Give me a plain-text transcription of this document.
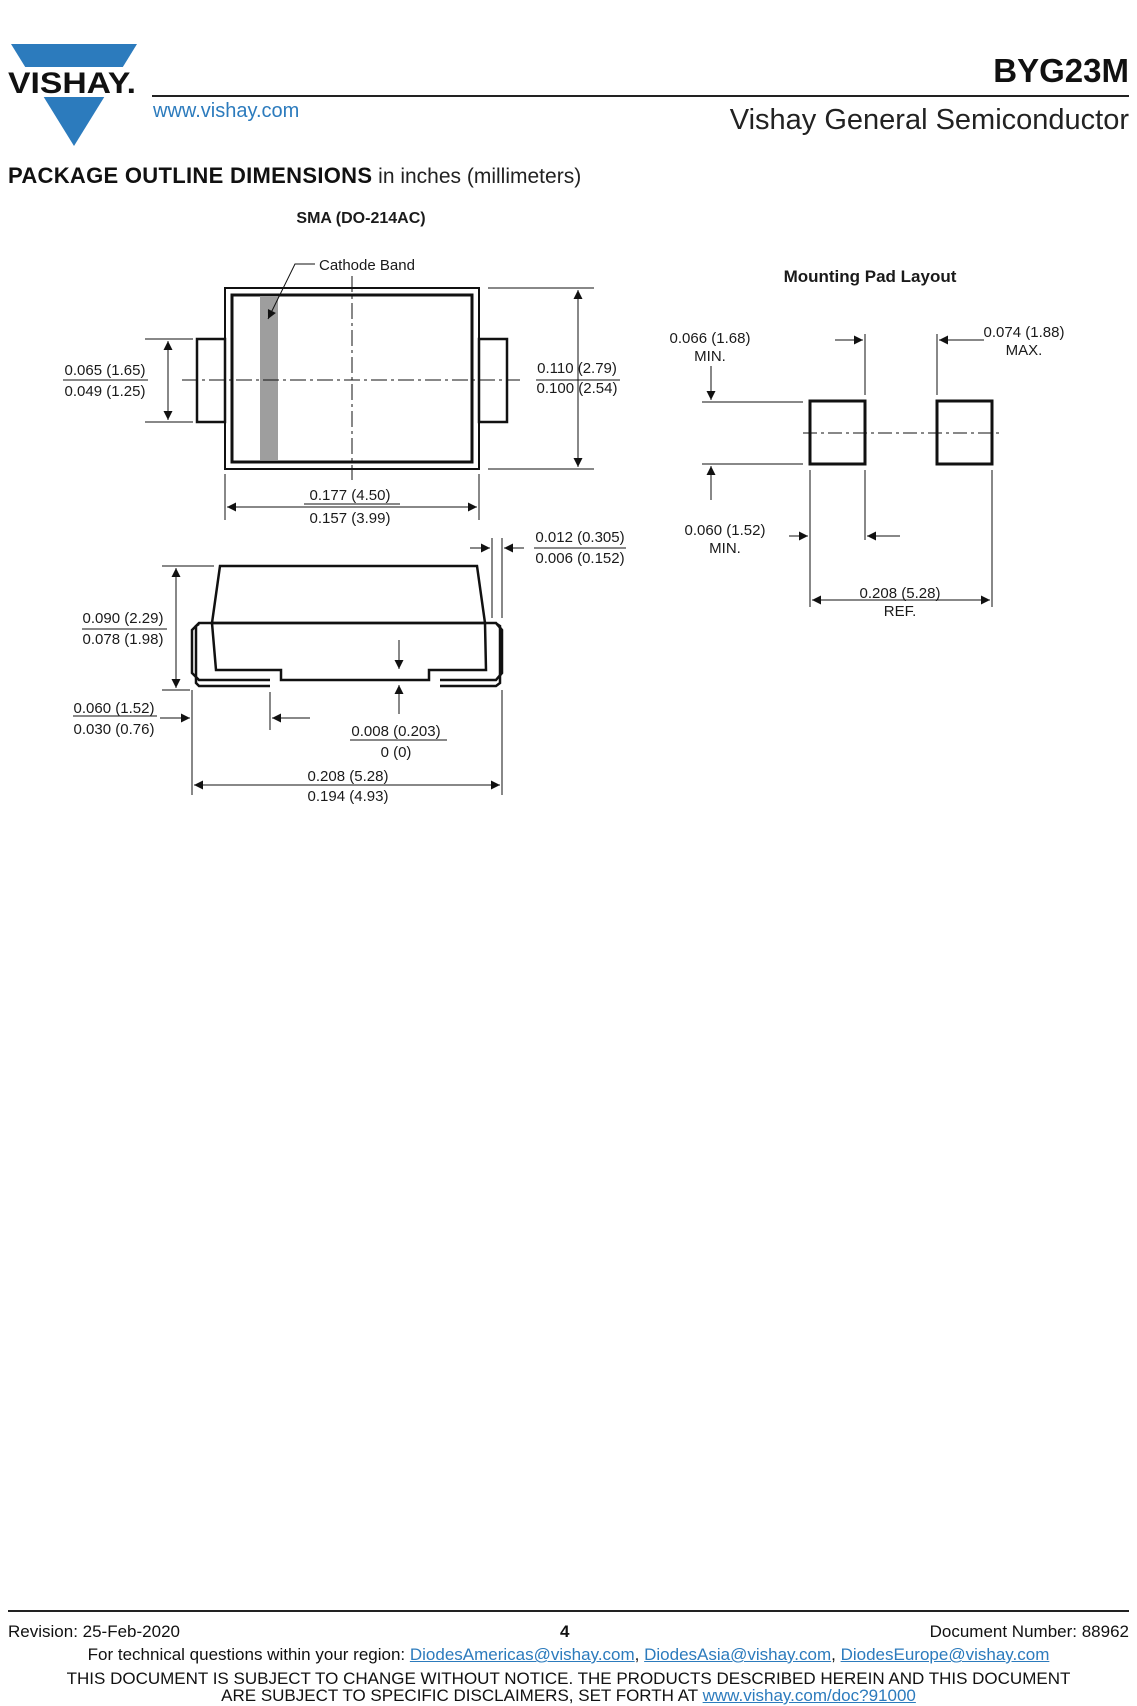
VISHAY.
www.vishay.com
BYG23M
Vishay General Semiconductor
PACKAGE OUTLINE DIMENSIONS in inches (millimeters)
SMA (DO-214AC)
Cathode Band
0.065 (1.65)
0.049 (1.25)
0.110 (2.79)
0.100 (2.54)
0.177 (4.50)
0.157 (3.99)
0.090 (2.29)
0.078 (1.98)
0.060 (1.52)
0.030 (0.76)
0.012 (0.305)
0.006 (0.152)
0.008 (0.203)
0 (0)
0.208 (5.28)
0.194 (4.93)
Mounting Pad Layout
0.066 (1.68)
MIN.
0.074 (1.88)
MAX.
0.060 (1.52)
MIN.
0.208 (5.28)
REF.
Revision: 25-Feb-2020	4	Document Number: 88962
For technical questions within your region: DiodesAmericas@vishay.com, DiodesAsia@vishay.com, DiodesEurope@vishay.com
THIS DOCUMENT IS SUBJECT TO CHANGE WITHOUT NOTICE. THE PRODUCTS DESCRIBED HEREIN AND THIS DOCUMENT
ARE SUBJECT TO SPECIFIC DISCLAIMERS, SET FORTH AT www.vishay.com/doc?91000
